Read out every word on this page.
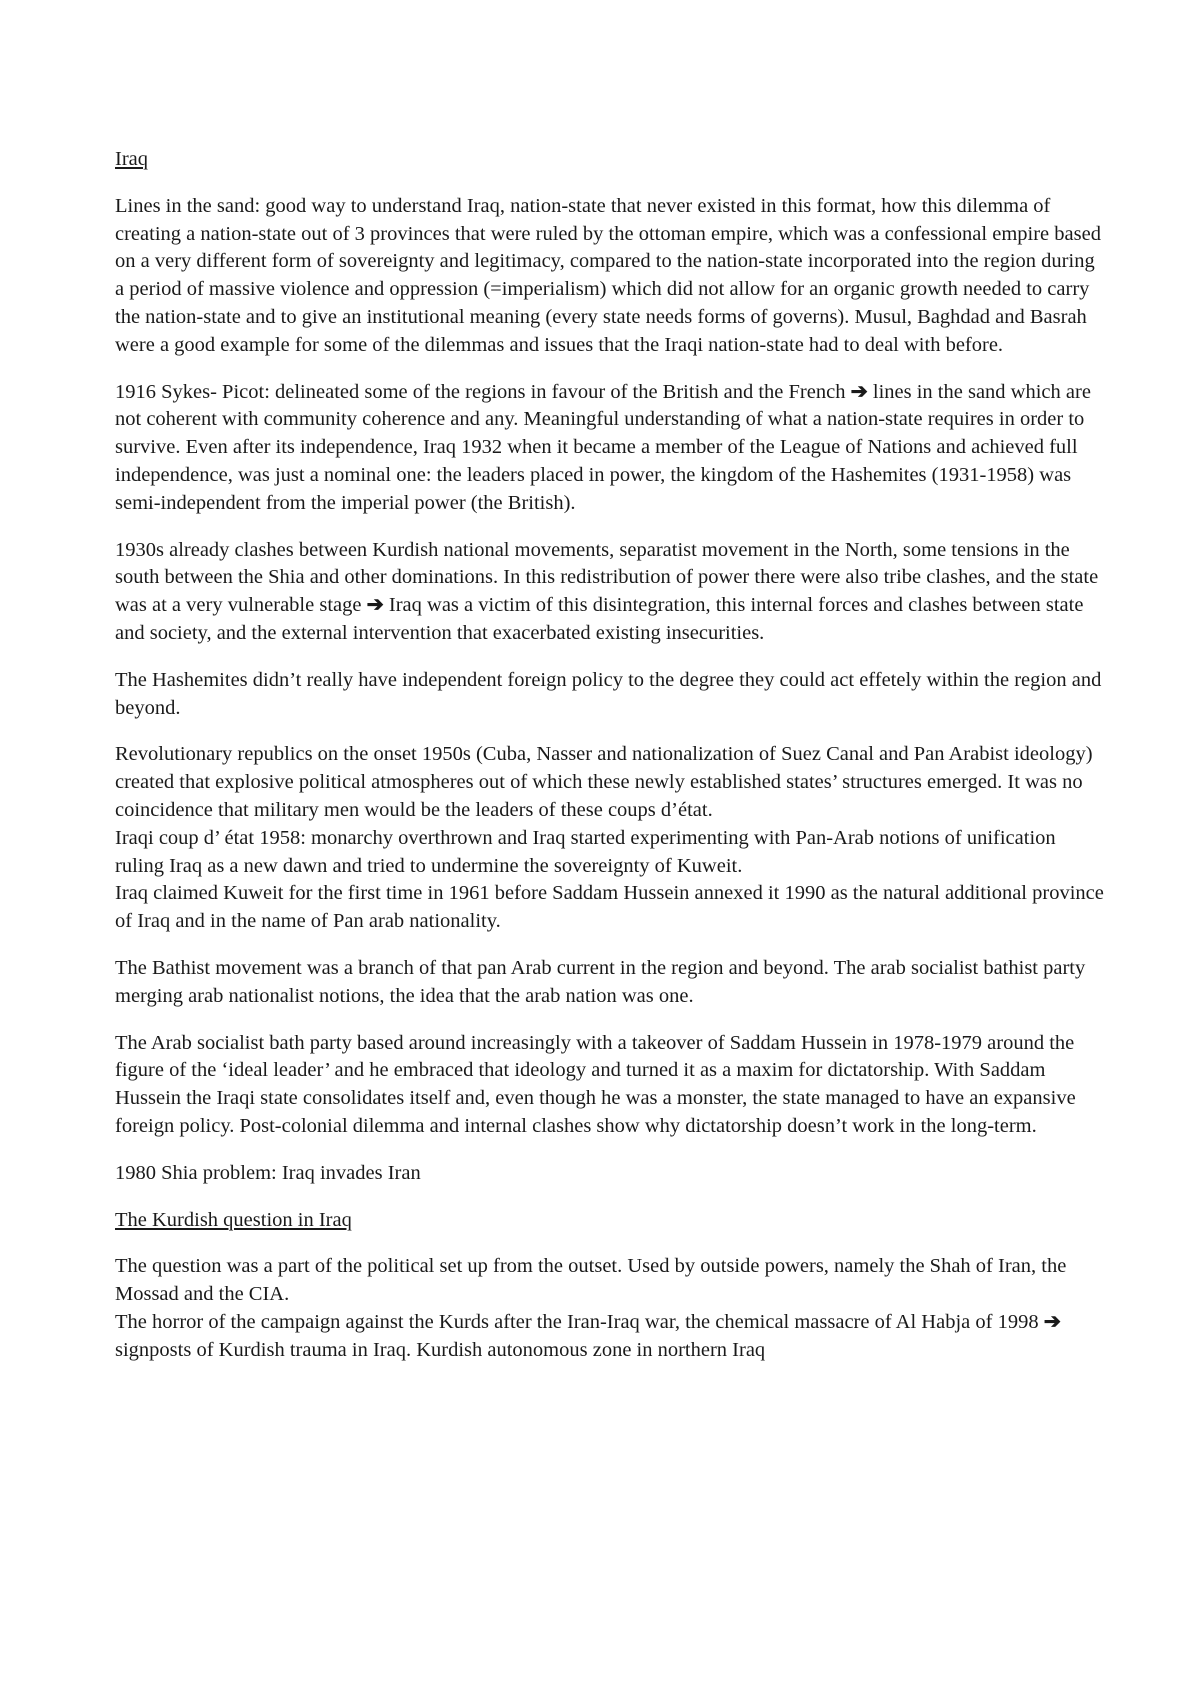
Iraq

Lines in the sand: good way to understand Iraq, nation-state that never existed in this format, how this dilemma of creating a nation-state out of 3 provinces that were ruled by the ottoman empire, which was a confessional empire based on a very different form of sovereignty and legitimacy, compared to the nation-state incorporated into the region during a period of massive violence and oppression (=imperialism) which did not allow for an organic growth needed to carry the nation-state and to give an institutional meaning (every state needs forms of governs). Musul, Baghdad and Basrah were a good example for some of the dilemmas and issues that the Iraqi nation-state had to deal with before.

1916 Sykes- Picot: delineated some of the regions in favour of the British and the French ➔ lines in the sand which are not coherent with community coherence and any. Meaningful understanding of what a nation-state requires in order to survive. Even after its independence, Iraq 1932 when it became a member of the League of Nations and achieved full independence, was just a nominal one: the leaders placed in power, the kingdom of the Hashemites (1931-1958) was semi-independent from the imperial power (the British).

1930s already clashes between Kurdish national movements, separatist movement in the North, some tensions in the south between the Shia and other dominations. In this redistribution of power there were also tribe clashes, and the state was at a very vulnerable stage ➔ Iraq was a victim of this disintegration, this internal forces and clashes between state and society, and the external intervention that exacerbated existing insecurities.

The Hashemites didn’t really have independent foreign policy to the degree they could act effetely within the region and beyond.

Revolutionary republics on the onset 1950s (Cuba, Nasser and nationalization of Suez Canal and Pan Arabist ideology) created that explosive political atmospheres out of which these newly established states’ structures emerged. It was no coincidence that military men would be the leaders of these coups d’état.

Iraqi coup d’ état 1958: monarchy overthrown and Iraq started experimenting with Pan-Arab notions of unification ruling Iraq as a new dawn and tried to undermine the sovereignty of Kuweit.

Iraq claimed Kuweit for the first time in 1961 before Saddam Hussein annexed it 1990 as the natural additional province of Iraq and in the name of Pan arab nationality.

The Bathist movement was a branch of that pan Arab current in the region and beyond. The arab socialist bathist party merging arab nationalist notions, the idea that the arab nation was one.

The Arab socialist bath party based around increasingly with a takeover of Saddam Hussein in 1978-1979 around the figure of the ‘ideal leader’ and he embraced that ideology and turned it as a maxim for dictatorship. With Saddam Hussein the Iraqi state consolidates itself and, even though he was a monster, the state managed to have an expansive foreign policy. Post-colonial dilemma and internal clashes show why dictatorship doesn’t work in the long-term.

1980 Shia problem: Iraq invades Iran

The Kurdish question in Iraq

The question was a part of the political set up from the outset. Used by outside powers, namely the Shah of Iran, the Mossad and the CIA.

The horror of the campaign against the Kurds after the Iran-Iraq war, the chemical massacre of Al Habja of 1998 ➔ signposts of Kurdish trauma in Iraq. Kurdish autonomous zone in northern Iraq
